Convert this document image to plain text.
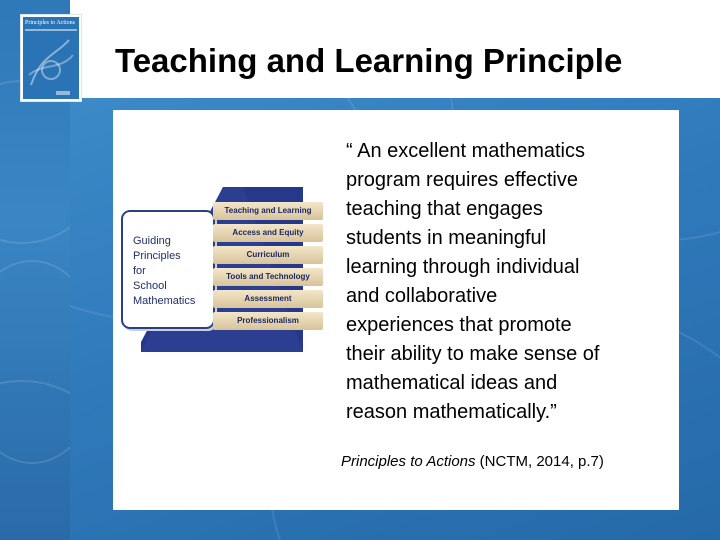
Principles to Actions
Teaching and Learning Principle
Guiding
Principles
for
School
Mathematics
Teaching and Learning
Access and Equity
Curriculum
Tools and Technology
Assessment
Professionalism
“ An excellent mathematics
program requires effective
teaching that engages
students in meaningful
learning through individual
and collaborative
experiences that promote
their ability to make sense of
mathematical ideas and
reason mathematically.”
Principles to Actions (NCTM, 2014, p.7)
